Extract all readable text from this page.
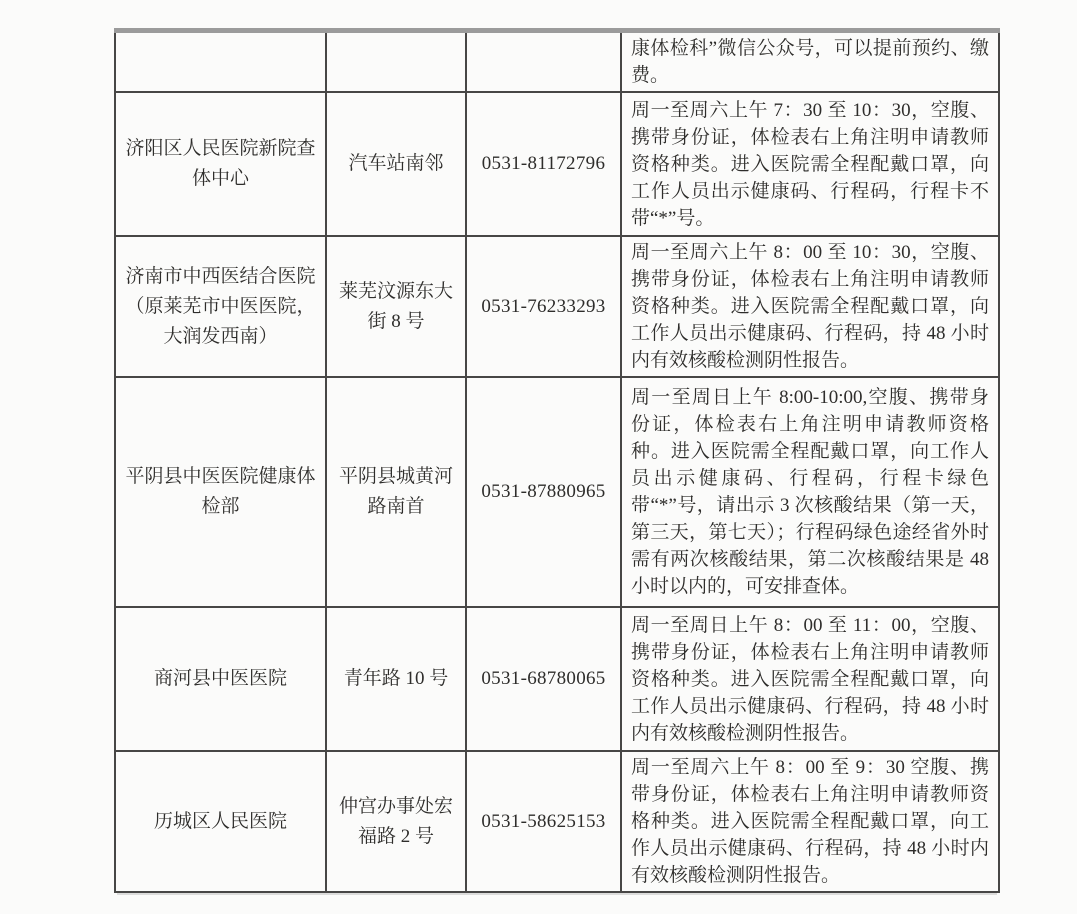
			康体检科”微信公众号，可以提前预约、缴费。
济阳区人民医院新院查体中心	汽车站南邻	0531-81172796	周一至周六上午 7：30 至 10：30，空腹、携带身份证，体检表右上角注明申请教师资格种类。进入医院需全程配戴口罩，向工作人员出示健康码、行程码，行程卡不带“*”号。
济南市中西医结合医院（原莱芜市中医医院，大润发西南）	莱芜汶源东大街 8 号	0531-76233293	周一至周六上午 8：00 至 10：30，空腹、携带身份证，体检表右上角注明申请教师资格种类。进入医院需全程配戴口罩，向工作人员出示健康码、行程码，持 48 小时内有效核酸检测阴性报告。
平阴县中医医院健康体检部	平阴县城黄河路南首	0531-87880965	周一至周日上午 8:00-10:00,空腹、携带身份证，体检表右上角注明申请教师资格种。进入医院需全程配戴口罩，向工作人员出示健康码、行程码，行程卡绿色带“*”号，请出示 3 次核酸结果（第一天，第三天，第七天）；行程码绿色途经省外时需有两次核酸结果，第二次核酸结果是 48 小时以内的，可安排查体。
商河县中医医院	青年路 10 号	0531-68780065	周一至周日上午 8：00 至 11：00，空腹、携带身份证，体检表右上角注明申请教师资格种类。进入医院需全程配戴口罩，向工作人员出示健康码、行程码，持 48 小时内有效核酸检测阴性报告。
历城区人民医院	仲宫办事处宏福路 2 号	0531-58625153	周一至周六上午 8：00 至 9：30 空腹、携带身份证，体检表右上角注明申请教师资格种类。进入医院需全程配戴口罩，向工作人员出示健康码、行程码，持 48 小时内有效核酸检测阴性报告。
